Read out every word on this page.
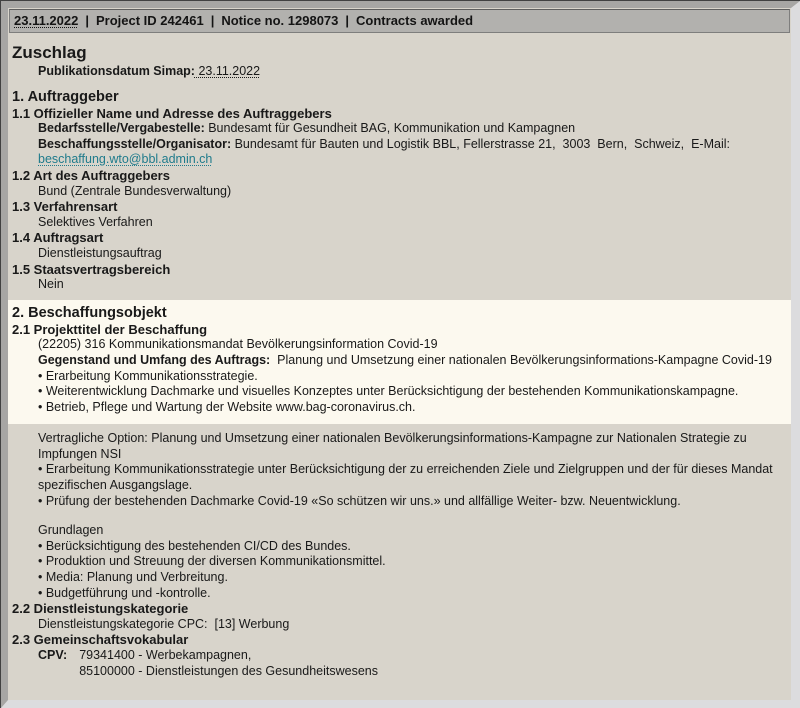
23.11.2022 | Project ID 242461 | Notice no. 1298073 | Contracts awarded
Zuschlag
Publikationsdatum Simap: 23.11.2022
1. Auftraggeber
1.1 Offizieller Name und Adresse des Auftraggebers
Bedarfsstelle/Vergabestelle: Bundesamt für Gesundheit BAG, Kommunikation und Kampagnen
Beschaffungsstelle/Organisator: Bundesamt für Bauten und Logistik BBL, Fellerstrasse 21,  3003  Bern,  Schweiz,  E-Mail:
beschaffung.wto@bbl.admin.ch
1.2 Art des Auftraggebers
Bund (Zentrale Bundesverwaltung)
1.3 Verfahrensart
Selektives Verfahren
1.4 Auftragsart
Dienstleistungsauftrag
1.5 Staatsvertragsbereich
Nein
2. Beschaffungsobjekt
2.1 Projekttitel der Beschaffung
(22205) 316 Kommunikationsmandat Bevölkerungsinformation Covid-19
Gegenstand und Umfang des Auftrags:  Planung und Umsetzung einer nationalen Bevölkerungsinformations-Kampagne Covid-19
• Erarbeitung Kommunikationsstrategie.
• Weiterentwicklung Dachmarke und visuelles Konzeptes unter Berücksichtigung der bestehenden Kommunikationskampagne.
• Betrieb, Pflege und Wartung der Website www.bag-coronavirus.ch.
Vertragliche Option: Planung und Umsetzung einer nationalen Bevölkerungsinformations-Kampagne zur Nationalen Strategie zu Impfungen NSI
• Erarbeitung Kommunikationsstrategie unter Berücksichtigung der zu erreichenden Ziele und Zielgruppen und der für dieses Mandat spezifischen Ausgangslage.
• Prüfung der bestehenden Dachmarke Covid-19 «So schützen wir uns.» und allfällige Weiter- bzw. Neuentwicklung.
Grundlagen
• Berücksichtigung des bestehenden CI/CD des Bundes.
• Produktion und Streuung der diversen Kommunikationsmittel.
• Media: Planung und Verbreitung.
• Budgetführung und -kontrolle.
2.2 Dienstleistungskategorie
Dienstleistungskategorie CPC:  [13] Werbung
2.3 Gemeinschaftsvokabular
CPV: 79341400 - Werbekampagnen,
85100000 - Dienstleistungen des Gesundheitswesens
